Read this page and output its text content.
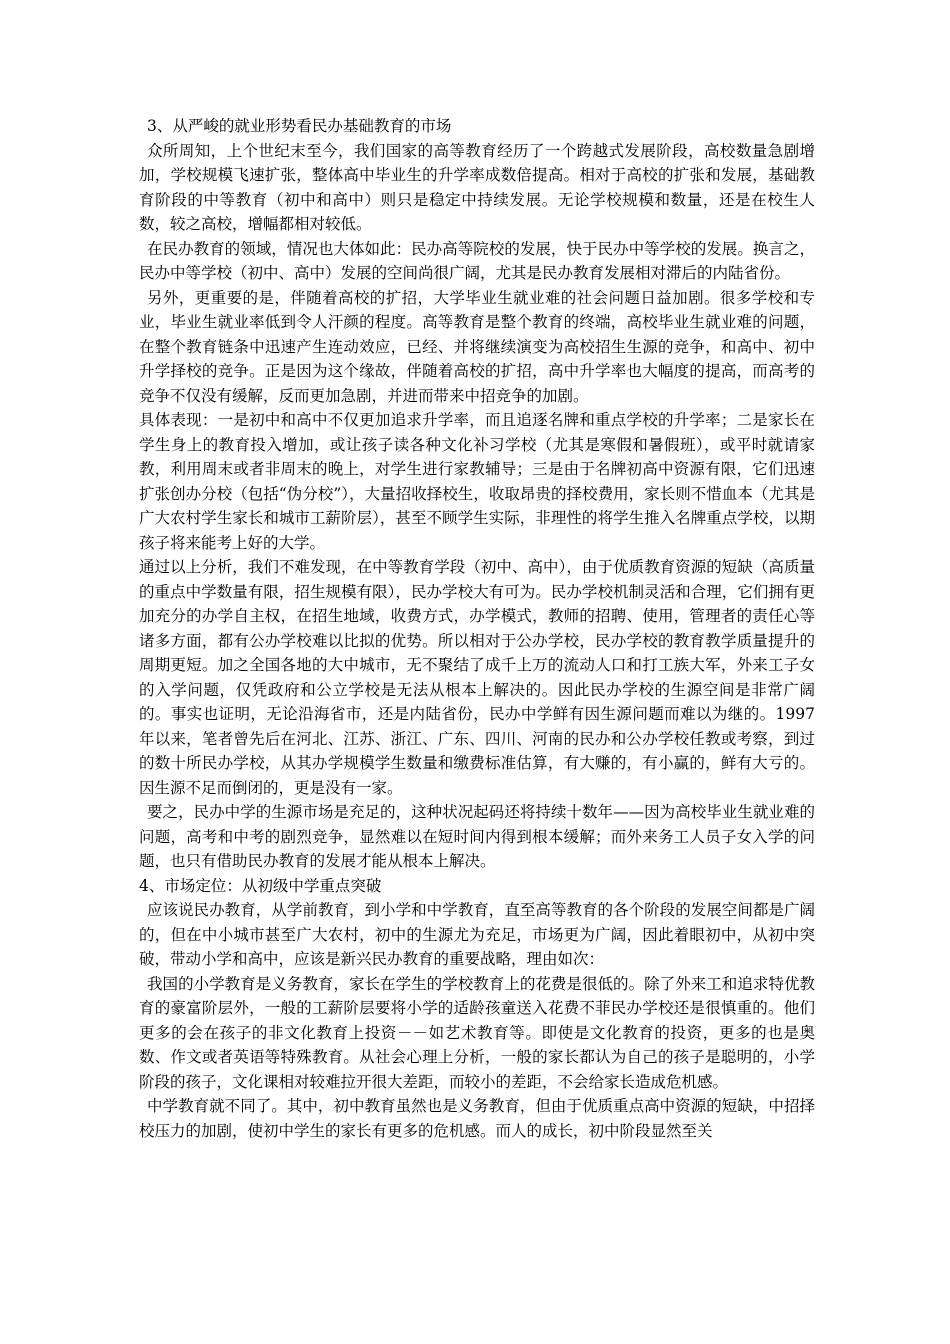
3、从严峻的就业形势看民办基础教育的市场

众所周知，上个世纪末至今，我们国家的高等教育经历了一个跨越式发展阶段，高校数量急剧增加，学校规模飞速扩张，整体高中毕业生的升学率成数倍提高。相对于高校的扩张和发展，基础教育阶段的中等教育（初中和高中）则只是稳定中持续发展。无论学校规模和数量，还是在校生人数，较之高校，增幅都相对较低。

在民办教育的领域，情况也大体如此：民办高等院校的发展，快于民办中等学校的发展。换言之，民办中等学校（初中、高中）发展的空间尚很广阔，尤其是民办教育发展相对滞后的内陆省份。

另外，更重要的是，伴随着高校的扩招，大学毕业生就业难的社会问题日益加剧。很多学校和专业，毕业生就业率低到令人汗颜的程度。高等教育是整个教育的终端，高校毕业生就业难的问题，在整个教育链条中迅速产生连动效应，已经、并将继续演变为高校招生生源的竞争，和高中、初中升学择校的竞争。正是因为这个缘故，伴随着高校的扩招，高中升学率也大幅度的提高，而高考的竞争不仅没有缓解，反而更加急剧，并进而带来中招竞争的加剧。

具体表现：一是初中和高中不仅更加追求升学率，而且追逐名牌和重点学校的升学率；二是家长在学生身上的教育投入增加，或让孩子读各种文化补习学校（尤其是寒假和暑假班），或平时就请家教，利用周末或者非周末的晚上，对学生进行家教辅导；三是由于名牌初高中资源有限，它们迅速扩张创办分校（包括“伪分校”），大量招收择校生，收取昂贵的择校费用，家长则不惜血本（尤其是广大农村学生家长和城市工薪阶层），甚至不顾学生实际，非理性的将学生推入名牌重点学校，以期孩子将来能考上好的大学。

通过以上分析，我们不难发现，在中等教育学段（初中、高中），由于优质教育资源的短缺（高质量的重点中学数量有限，招生规模有限），民办学校大有可为。民办学校机制灵活和合理，它们拥有更加充分的办学自主权，在招生地域，收费方式，办学模式，教师的招聘、使用，管理者的责任心等诸多方面，都有公办学校难以比拟的优势。所以相对于公办学校，民办学校的教育教学质量提升的周期更短。加之全国各地的大中城市，无不聚结了成千上万的流动人口和打工族大军，外来工子女的入学问题，仅凭政府和公立学校是无法从根本上解决的。因此民办学校的生源空间是非常广阔的。事实也证明，无论沿海省市，还是内陆省份，民办中学鲜有因生源问题而难以为继的。1997 年以来，笔者曾先后在河北、江苏、浙江、广东、四川、河南的民办和公办学校任教或考察，到过的数十所民办学校，从其办学规模学生数量和缴费标准估算，有大赚的，有小赢的，鲜有大亏的。因生源不足而倒闭的，更是没有一家。

要之，民办中学的生源市场是充足的，这种状况起码还将持续十数年——因为高校毕业生就业难的问题，高考和中考的剧烈竞争，显然难以在短时间内得到根本缓解；而外来务工人员子女入学的问题，也只有借助民办教育的发展才能从根本上解决。

4、市场定位：从初级中学重点突破

应该说民办教育，从学前教育，到小学和中学教育，直至高等教育的各个阶段的发展空间都是广阔的，但在中小城市甚至广大农村，初中的生源尤为充足，市场更为广阔，因此着眼初中，从初中突破，带动小学和高中，应该是新兴民办教育的重要战略，理由如次：

我国的小学教育是义务教育，家长在学生的学校教育上的花费是很低的。除了外来工和追求特优教育的豪富阶层外，一般的工薪阶层要将小学的适龄孩童送入花费不菲民办学校还是很慎重的。他们更多的会在孩子的非文化教育上投资－－如艺术教育等。即使是文化教育的投资，更多的也是奥数、作文或者英语等特殊教育。从社会心理上分析，一般的家长都认为自己的孩子是聪明的，小学阶段的孩子，文化课相对较难拉开很大差距，而较小的差距，不会给家长造成危机感。

中学教育就不同了。其中，初中教育虽然也是义务教育，但由于优质重点高中资源的短缺，中招择校压力的加剧，使初中学生的家长有更多的危机感。而人的成长，初中阶段显然至关
